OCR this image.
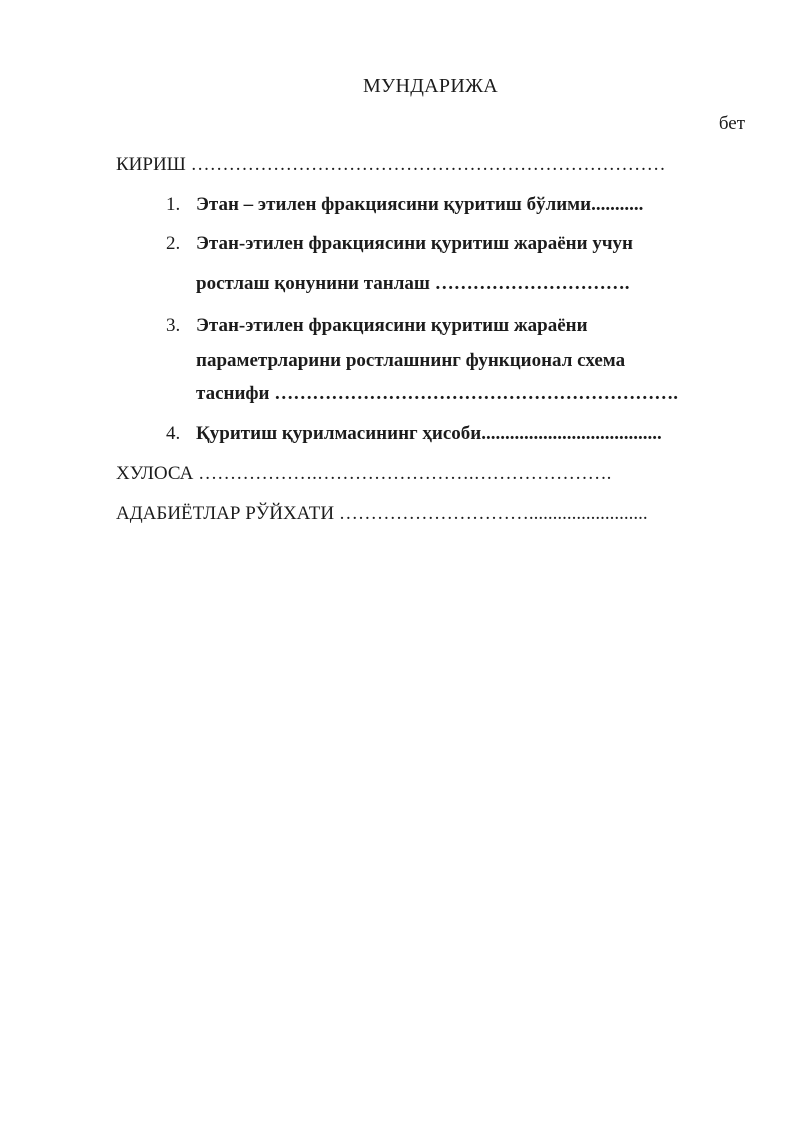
МУНДАРИЖА
бет
КИРИШ …………………………………………………………………
1. Этан – этилен фракциясини қуритиш бўлими...........
2. Этан-этилен фракциясини қуритиш жараёни учун
ростлаш қонунини танлаш ………………………….
3. Этан-этилен фракциясини қуритиш жараёни
параметрларини ростлашнинг функционал схема
таснифи ……………………………………………………….
4. Қуритиш қурилмасининг ҳисоби......................................
ХУЛОСА ……………….…………………….………………….
АДАБИЁТЛАР РЎЙХАТИ ………………………….........................
